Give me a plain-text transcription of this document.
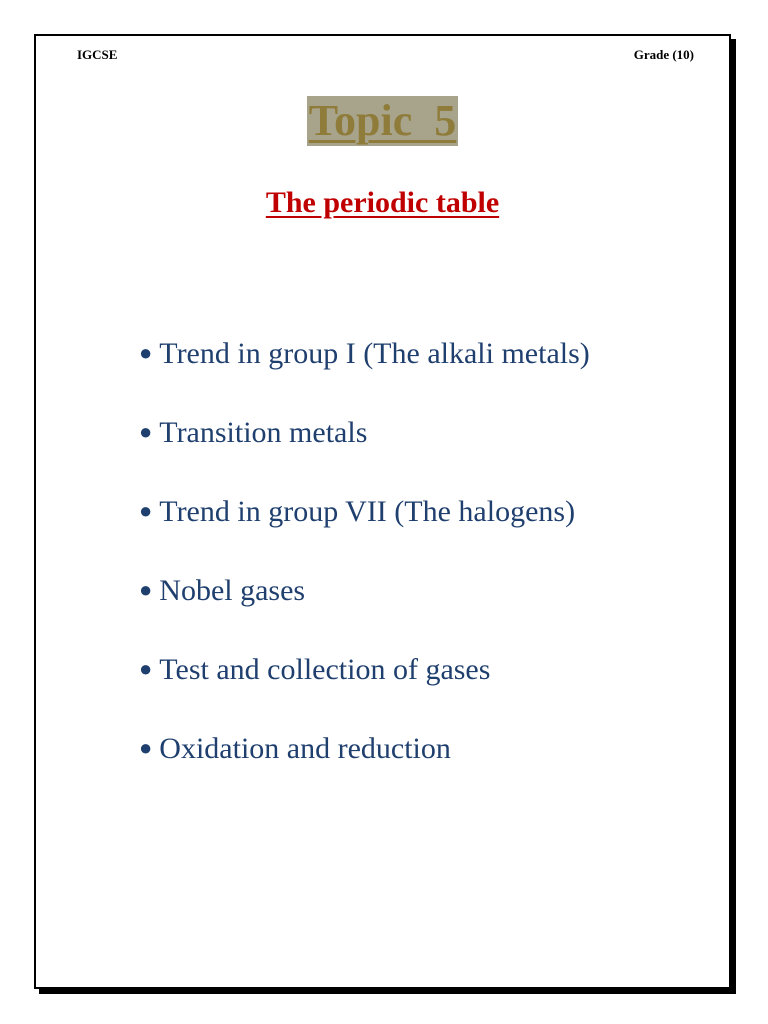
IGCSE	Grade (10)
Topic  5
The periodic table
● Trend in group I (The alkali metals)
● Transition metals
● Trend in group VII (The halogens)
● Nobel gases
● Test and collection of gases
● Oxidation and reduction
